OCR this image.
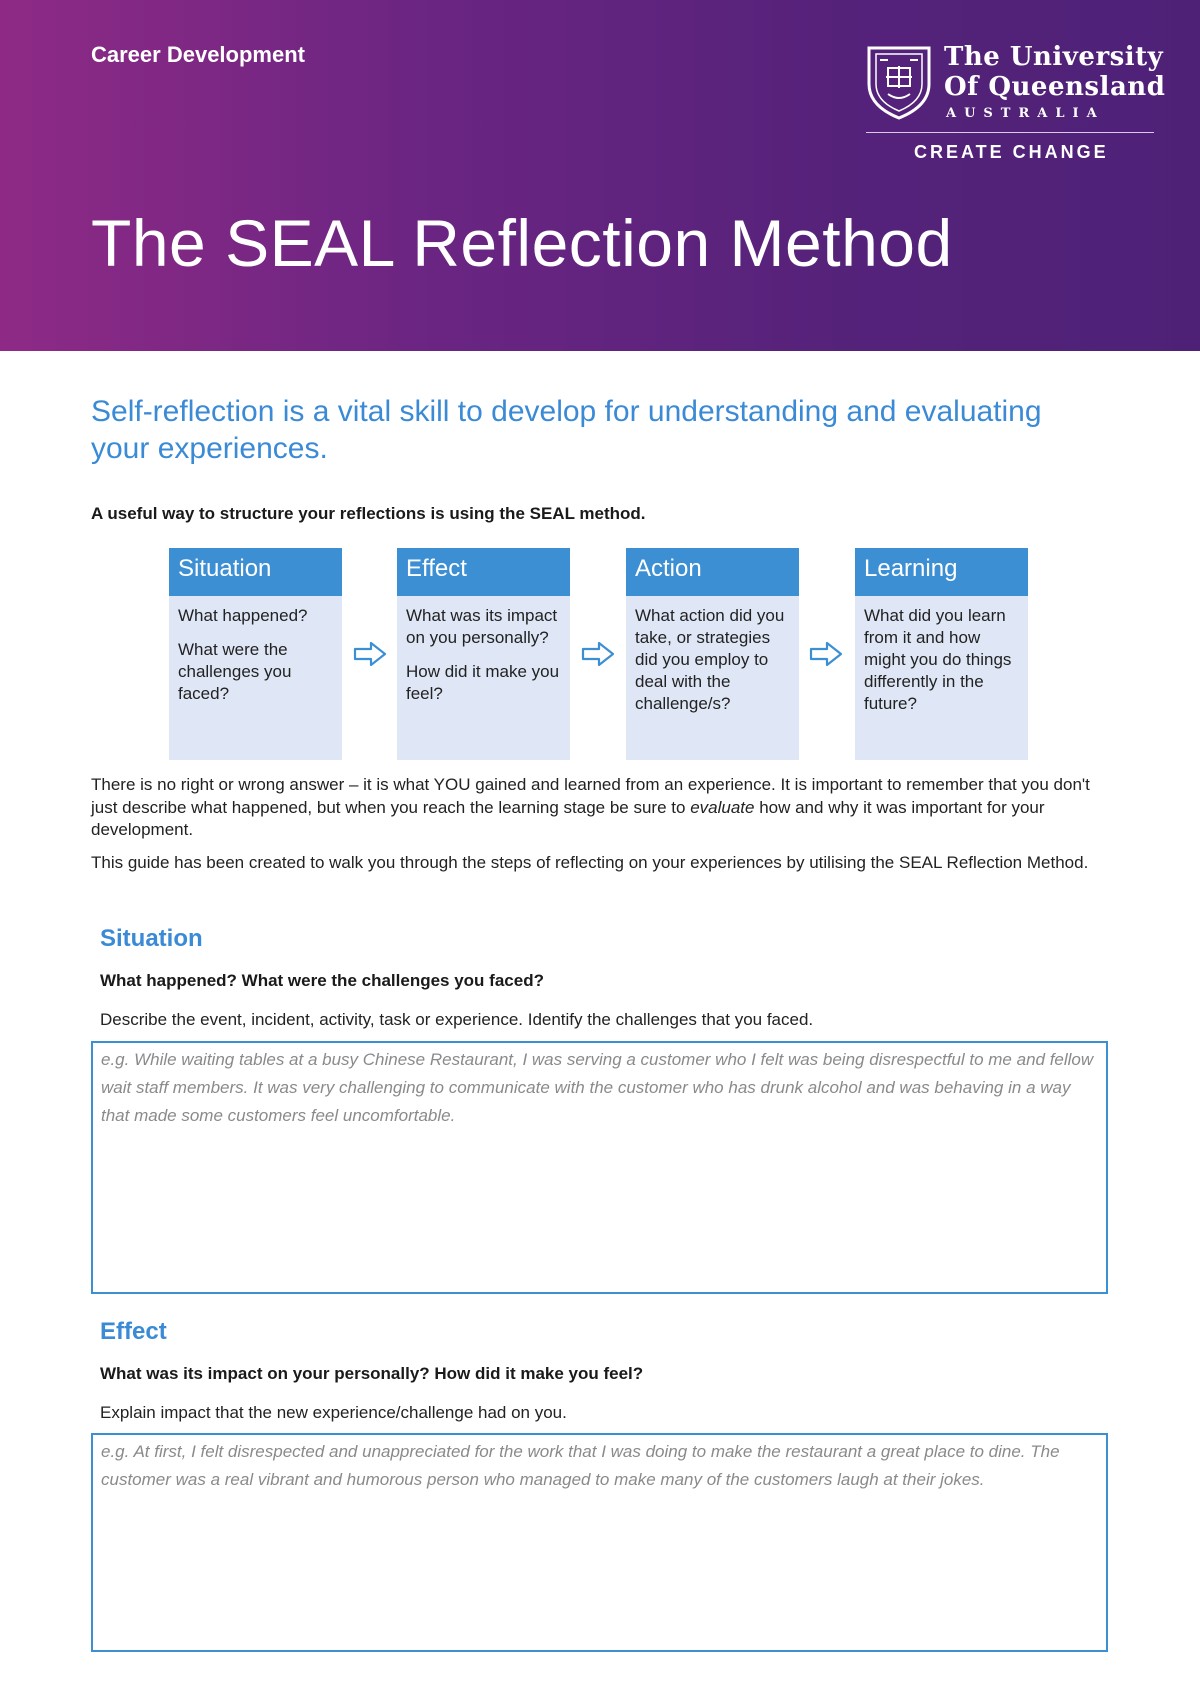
Career Development
The SEAL Reflection Method
The University
Of Queensland
AUSTRALIA
CREATE CHANGE
Self-reflection is a vital skill to develop for understanding and evaluating your experiences.
A useful way to structure your reflections is using the SEAL method.
Situation

What happened?

What were the challenges you faced?

Effect

What was its impact on you personally?

How did it make you feel?

Action

What action did you take, or strategies did you employ to deal with the challenge/s?

Learning

What did you learn from it and how might you do things differently in the future?

There is no right or wrong answer – it is what YOU gained and learned from an experience. It is important to remember that you don't just describe what happened, but when you reach the learning stage be sure to evaluate how and why it was important for your development.
This guide has been created to walk you through the steps of reflecting on your experiences by utilising the SEAL Reflection Method.
Situation
What happened? What were the challenges you faced?
Describe the event, incident, activity, task or experience. Identify the challenges that you faced.
e.g. While waiting tables at a busy Chinese Restaurant, I was serving a customer who I felt was being disrespectful to me and fellow wait staff members. It was very challenging to communicate with the customer who has drunk alcohol and was behaving in a way that made some customers feel uncomfortable.
Effect
What was its impact on your personally? How did it make you feel?
Explain impact that the new experience/challenge had on you.
e.g. At first, I felt disrespected and unappreciated for the work that I was doing to make the restaurant a great place to dine. The customer was a real vibrant and humorous person who managed to make many of the customers laugh at their jokes.
